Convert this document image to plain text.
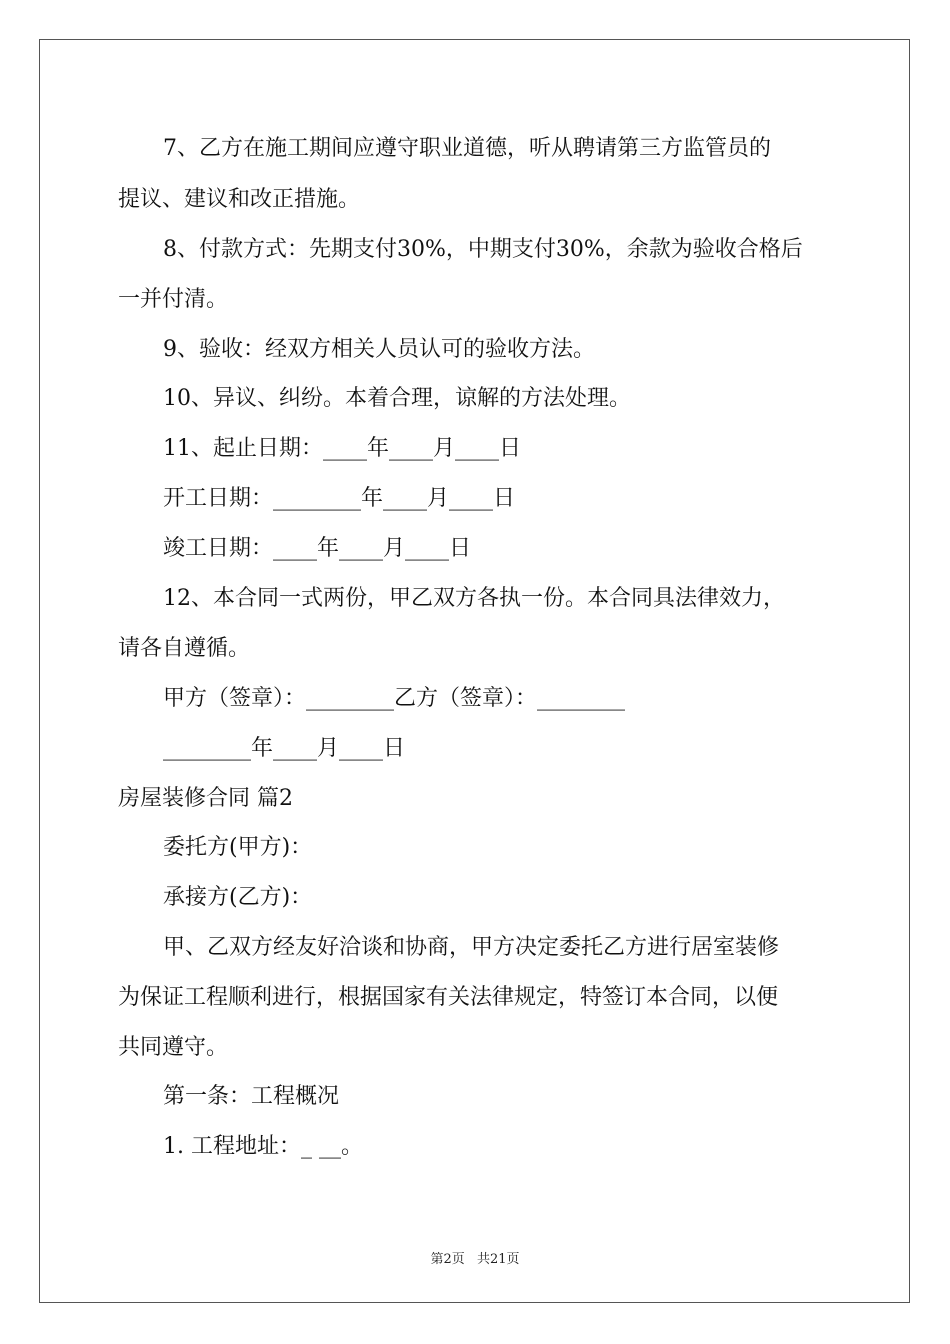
7、乙方在施工期间应遵守职业道德，听从聘请第三方监管员的
提议、建议和改正措施。
8、付款方式：先期支付30%，中期支付30%，余款为验收合格后
一并付清。
9、验收：经双方相关人员认可的验收方法。
10、异议、纠纷。本着合理，谅解的方法处理。
11、起止日期：____年____月____日
开工日期：________年____月____日
竣工日期：____年____月____日
12、本合同一式两份，甲乙双方各执一份。本合同具法律效力，
请各自遵循。
甲方（签章）：________乙方（签章）：________
________年____月____日
房屋装修合同 篇2
委托方(甲方)：
承接方(乙方)：
甲、乙双方经友好洽谈和协商，甲方决定委托乙方进行居室装修
为保证工程顺利进行，根据国家有关法律规定，特签订本合同，以便
共同遵守。
第一条：工程概况
1. 工程地址：_ __。
第2页 共21页
